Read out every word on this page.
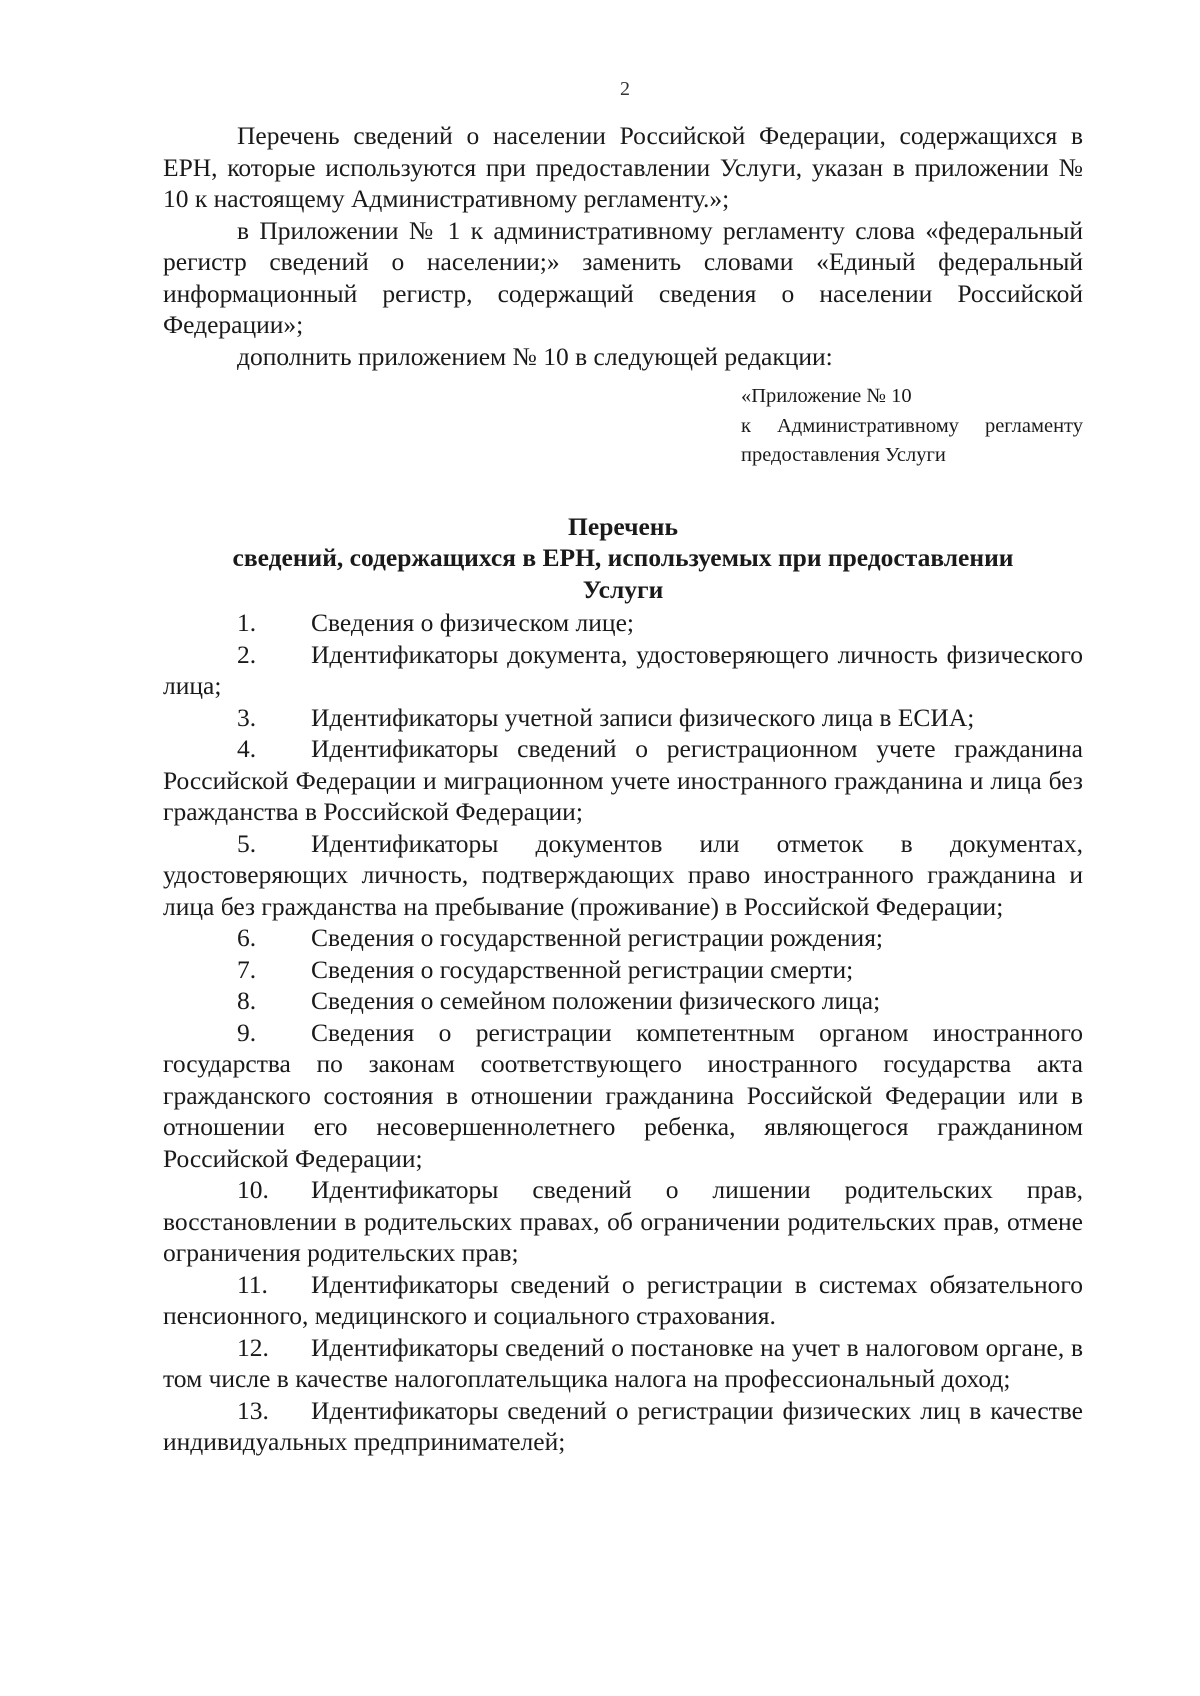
2

Перечень сведений о населении Российской Федерации, содержащихся в ЕРН, которые используются при предоставлении Услуги, указан в приложении № 10 к настоящему Административному регламенту.»;

в Приложении № 1 к административному регламенту слова «федеральный регистр сведений о населении;» заменить словами «Единый федеральный информационный регистр, содержащий сведения о населении Российской Федерации»;

дополнить приложением № 10 в следующей редакции:

«Приложение № 10
к Административному регламенту предоставления Услуги
Перечень
сведений, содержащихся в ЕРН, используемых при предоставлении
Услуги

1. Сведения о физическом лице;

2. Идентификаторы документа, удостоверяющего личность физического лица;

3. Идентификаторы учетной записи физического лица в ЕСИА;

4. Идентификаторы сведений о регистрационном учете гражданина Российской Федерации и миграционном учете иностранного гражданина и лица без гражданства в Российской Федерации;

5. Идентификаторы документов или отметок в документах, удостоверяющих личность, подтверждающих право иностранного гражданина и лица без гражданства на пребывание (проживание) в Российской Федерации;

6. Сведения о государственной регистрации рождения;

7. Сведения о государственной регистрации смерти;

8. Сведения о семейном положении физического лица;

9. Сведения о регистрации компетентным органом иностранного государства по законам соответствующего иностранного государства акта гражданского состояния в отношении гражданина Российской Федерации или в отношении его несовершеннолетнего ребенка, являющегося гражданином Российской Федерации;

10. Идентификаторы сведений о лишении родительских прав, восстановлении в родительских правах, об ограничении родительских прав, отмене ограничения родительских прав;

11. Идентификаторы сведений о регистрации в системах обязательного пенсионного, медицинского и социального страхования.

12. Идентификаторы сведений о постановке на учет в налоговом органе, в том числе в качестве налогоплательщика налога на профессиональный доход;

13. Идентификаторы сведений о регистрации физических лиц в качестве индивидуальных предпринимателей;
